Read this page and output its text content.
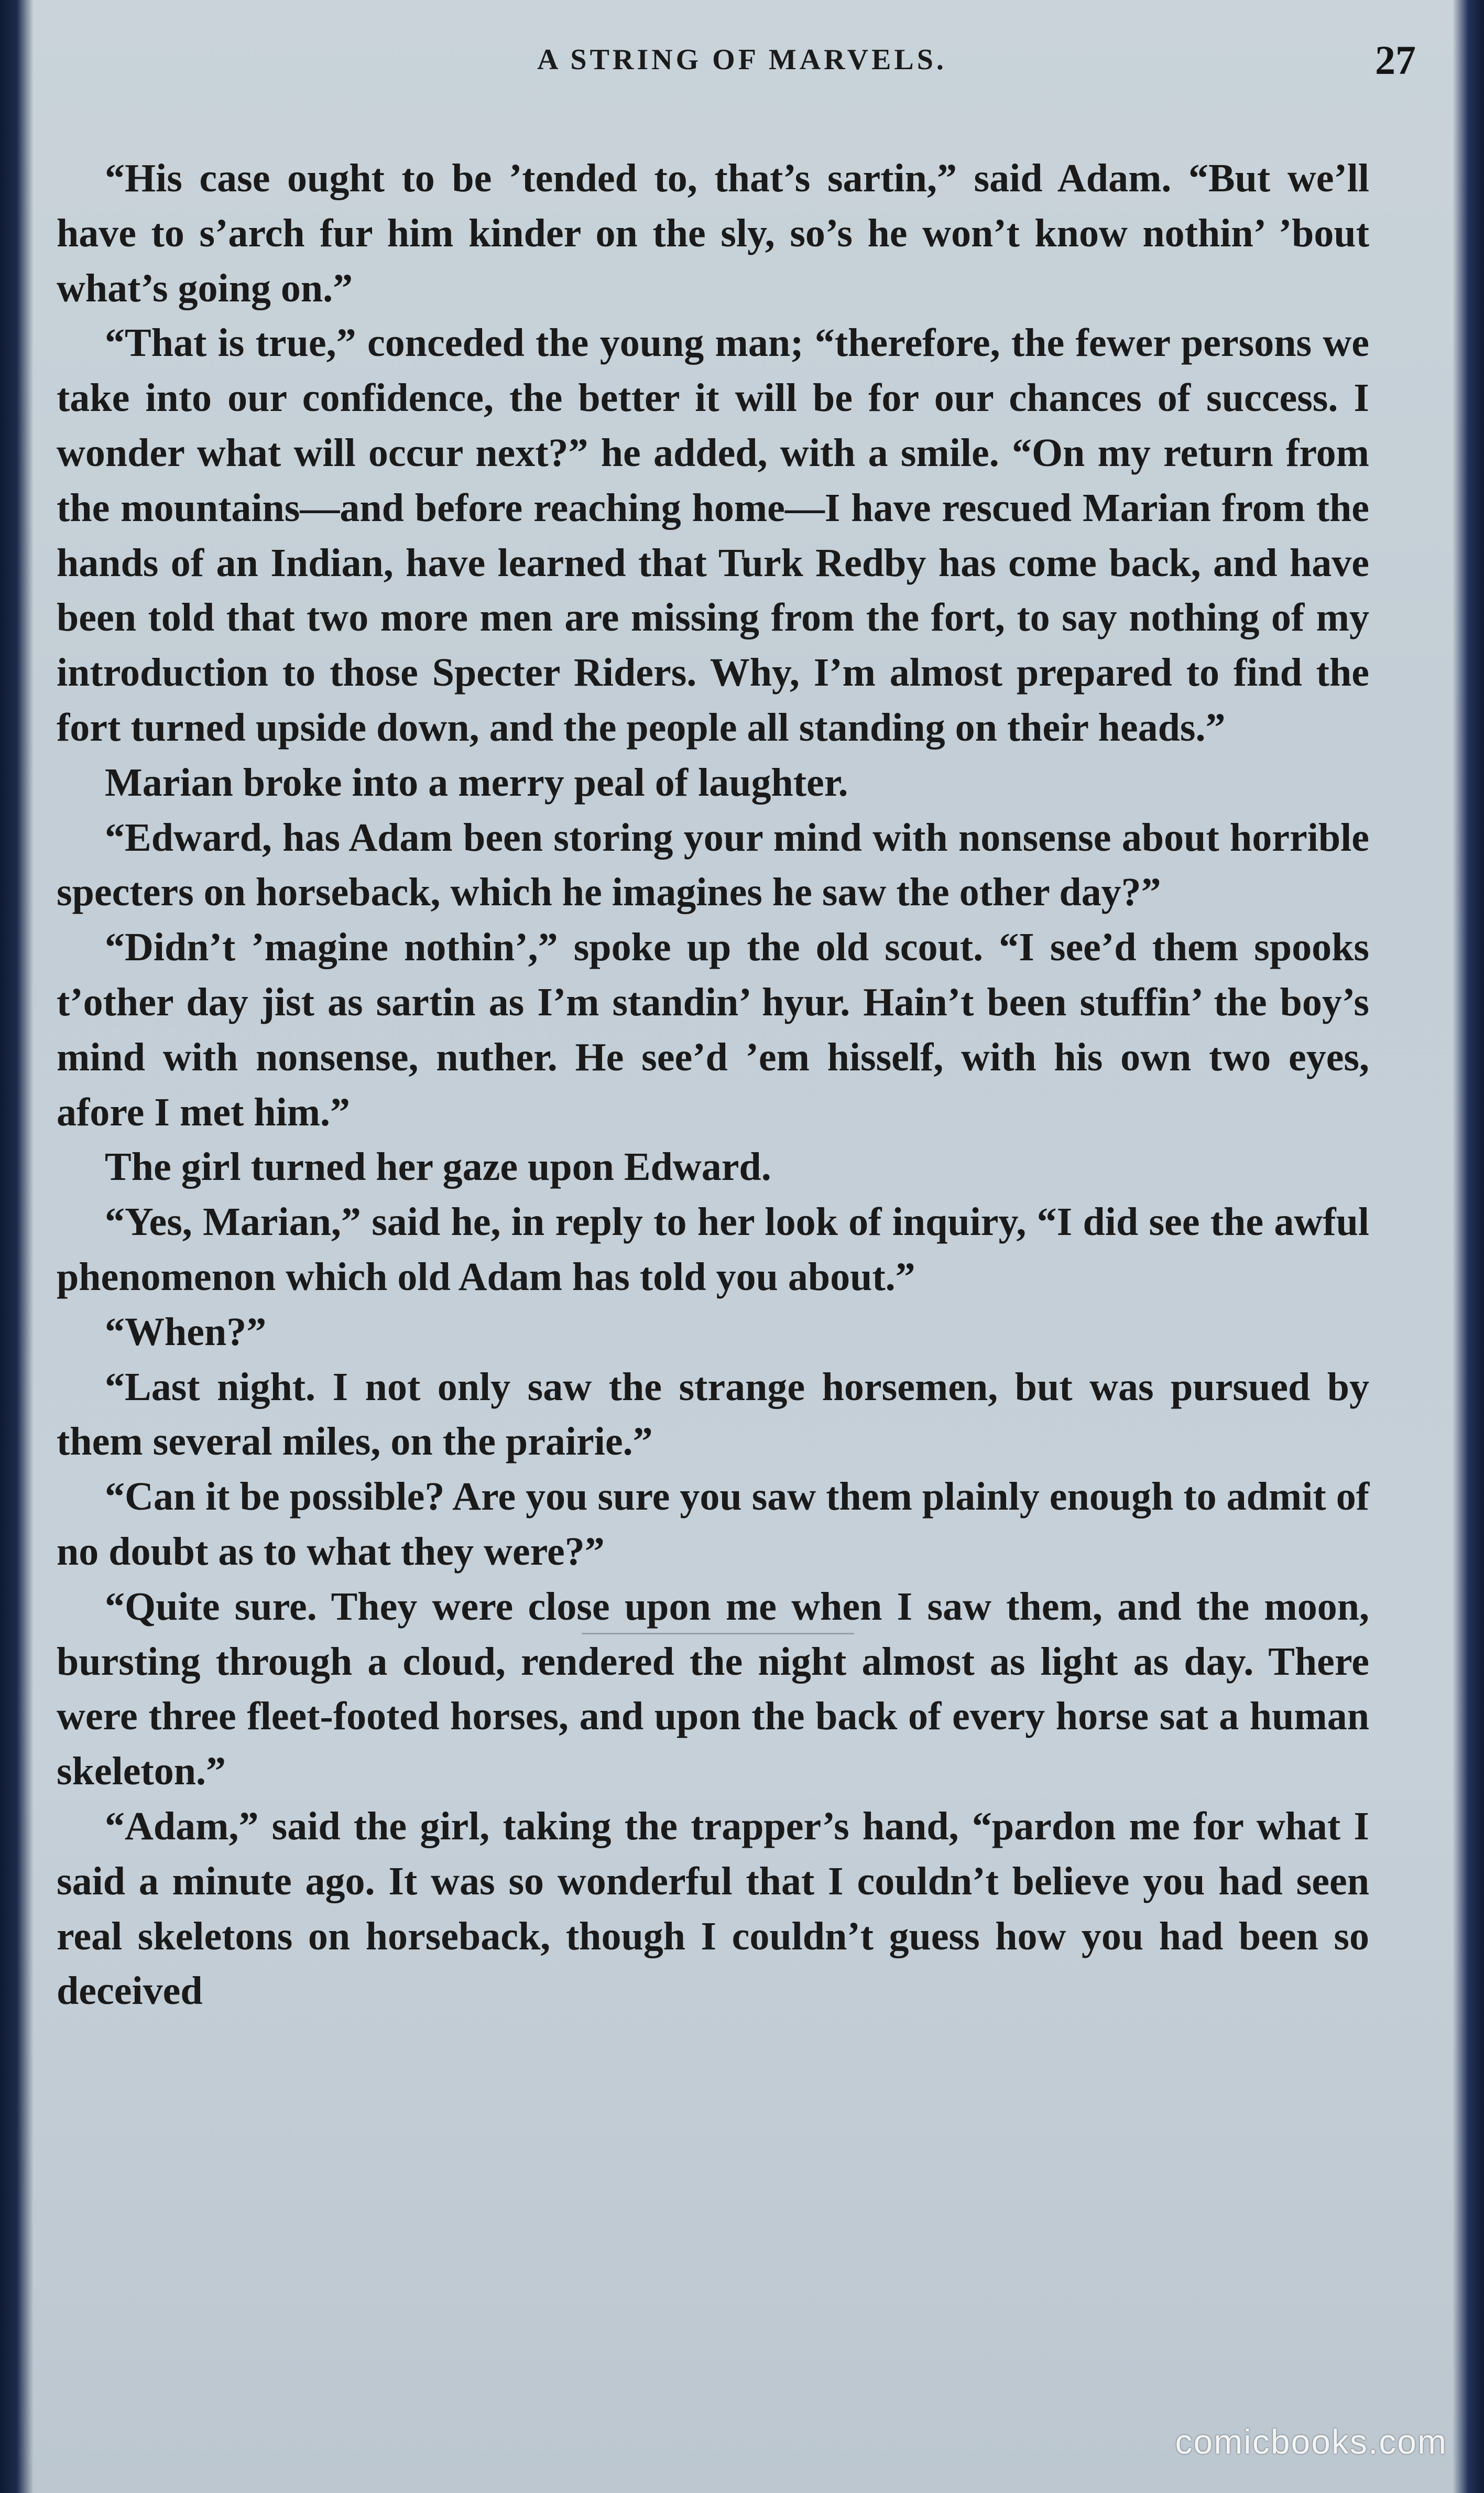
A STRING OF MARVELS.	27

“His case ought to be ’tended to, that’s sartin,” said Adam. “But we’ll have to s’arch fur him kinder on the sly, so’s he won’t know nothin’ ’bout what’s going on.”

“That is true,” conceded the young man; “therefore, the fewer persons we take into our confidence, the better it will be for our chances of success. I wonder what will occur next?” he added, with a smile. “On my return from the mountains—and before reaching home—I have rescued Marian from the hands of an Indian, have learned that Turk Redby has come back, and have been told that two more men are missing from the fort, to say nothing of my introduction to those Specter Riders. Why, I’m almost prepared to find the fort turned upside down, and the people all standing on their heads.”

Marian broke into a merry peal of laughter.

“Edward, has Adam been storing your mind with nonsense about horrible specters on horseback, which he imagines he saw the other day?”

“Didn’t ’magine nothin’,” spoke up the old scout. “I see’d them spooks t’other day jist as sartin as I’m standin’ hyur. Hain’t been stuffin’ the boy’s mind with nonsense, nuther. He see’d ’em hisself, with his own two eyes, afore I met him.”

The girl turned her gaze upon Edward.

“Yes, Marian,” said he, in reply to her look of inquiry, “I did see the awful phenomenon which old Adam has told you about.”

“When?”

“Last night. I not only saw the strange horsemen, but was pursued by them several miles, on the prairie.”

“Can it be possible? Are you sure you saw them plainly enough to admit of no doubt as to what they were?”

“Quite sure. They were close upon me when I saw them, and the moon, bursting through a cloud, rendered the night almost as light as day. There were three fleet-footed horses, and upon the back of every horse sat a human skeleton.”

“Adam,” said the girl, taking the trapper’s hand, “pardon me for what I said a minute ago. It was so wonderful that I couldn’t believe you had seen real skeletons on horseback, though I couldn’t guess how you had been so deceived

comicbooks.com
